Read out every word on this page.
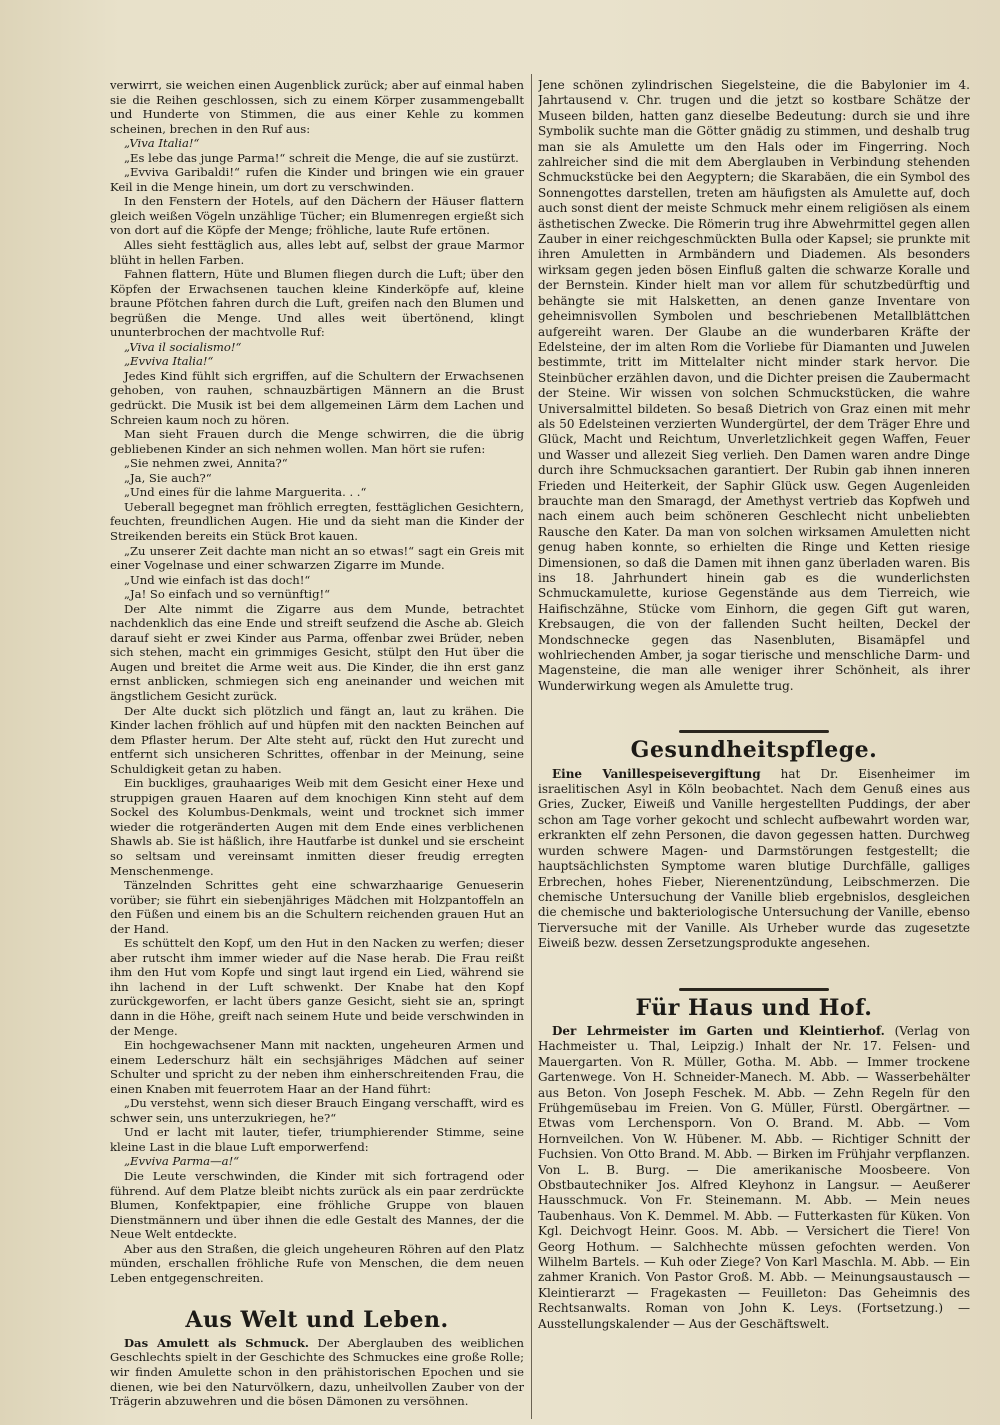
verwirrt, sie weichen einen Augenblick zurück; aber auf einmal haben sie die Reihen geschlossen, sich zu einem Körper zusammengeballt und Hunderte von Stimmen, die aus einer Kehle zu kommen scheinen, brechen in den Ruf aus:

„Viva Italia!“

„Es lebe das junge Parma!“ schreit die Menge, die auf sie zustürzt.

„Evviva Garibaldi!“ rufen die Kinder und bringen wie ein grauer Keil in die Menge hinein, um dort zu verschwinden.

In den Fenstern der Hotels, auf den Dächern der Häuser flattern gleich weißen Vögeln unzählige Tücher; ein Blumenregen ergießt sich von dort auf die Köpfe der Menge; fröhliche, laute Rufe ertönen.

Alles sieht festtäglich aus, alles lebt auf, selbst der graue Marmor blüht in hellen Farben.

Fahnen flattern, Hüte und Blumen fliegen durch die Luft; über den Köpfen der Erwachsenen tauchen kleine Kinderköpfe auf, kleine braune Pfötchen fahren durch die Luft, greifen nach den Blumen und begrüßen die Menge. Und alles weit übertönend, klingt ununterbrochen der machtvolle Ruf:

„Viva il socialismo!“

„Evviva Italia!“

Jedes Kind fühlt sich ergriffen, auf die Schultern der Erwachsenen gehoben, von rauhen, schnauzbärtigen Männern an die Brust gedrückt. Die Musik ist bei dem allgemeinen Lärm dem Lachen und Schreien kaum noch zu hören.

Man sieht Frauen durch die Menge schwirren, die die übrig gebliebenen Kinder an sich nehmen wollen. Man hört sie rufen:

„Sie nehmen zwei, Annita?“

„Ja, Sie auch?“

„Und eines für die lahme Marguerita. . .“

Ueberall begegnet man fröhlich erregten, festtäglichen Gesichtern, feuchten, freundlichen Augen. Hie und da sieht man die Kinder der Streikenden bereits ein Stück Brot kauen.

„Zu unserer Zeit dachte man nicht an so etwas!“ sagt ein Greis mit einer Vogelnase und einer schwarzen Zigarre im Munde.

„Und wie einfach ist das doch!“

„Ja! So einfach und so vernünftig!“

Der Alte nimmt die Zigarre aus dem Munde, betrachtet nachdenklich das eine Ende und streift seufzend die Asche ab. Gleich darauf sieht er zwei Kinder aus Parma, offenbar zwei Brüder, neben sich stehen, macht ein grimmiges Gesicht, stülpt den Hut über die Augen und breitet die Arme weit aus. Die Kinder, die ihn erst ganz ernst anblicken, schmiegen sich eng aneinander und weichen mit ängstlichem Gesicht zurück.

Der Alte duckt sich plötzlich und fängt an, laut zu krähen. Die Kinder lachen fröhlich auf und hüpfen mit den nackten Beinchen auf dem Pflaster herum. Der Alte steht auf, rückt den Hut zurecht und entfernt sich unsicheren Schrittes, offenbar in der Meinung, seine Schuldigkeit getan zu haben.

Ein buckliges, grauhaariges Weib mit dem Gesicht einer Hexe und struppigen grauen Haaren auf dem knochigen Kinn steht auf dem Sockel des Kolumbus-Denkmals, weint und trocknet sich immer wieder die rotgeränderten Augen mit dem Ende eines verblichenen Shawls ab. Sie ist häßlich, ihre Hautfarbe ist dunkel und sie erscheint so seltsam und vereinsamt inmitten dieser freudig erregten Menschenmenge.

Tänzelnden Schrittes geht eine schwarzhaarige Genueserin vorüber; sie führt ein siebenjähriges Mädchen mit Holzpantoffeln an den Füßen und einem bis an die Schultern reichenden grauen Hut an der Hand.

Es schüttelt den Kopf, um den Hut in den Nacken zu werfen; dieser aber rutscht ihm immer wieder auf die Nase herab. Die Frau reißt ihm den Hut vom Kopfe und singt laut irgend ein Lied, während sie ihn lachend in der Luft schwenkt. Der Knabe hat den Kopf zurückgeworfen, er lacht übers ganze Gesicht, sieht sie an, springt dann in die Höhe, greift nach seinem Hute und beide verschwinden in der Menge.

Ein hochgewachsener Mann mit nackten, ungeheuren Armen und einem Lederschurz hält ein sechsjähriges Mädchen auf seiner Schulter und spricht zu der neben ihm einherschreitenden Frau, die einen Knaben mit feuerrotem Haar an der Hand führt:

„Du verstehst, wenn sich dieser Brauch Eingang verschafft, wird es schwer sein, uns unterzukriegen, he?“

Und er lacht mit lauter, tiefer, triumphierender Stimme, seine kleine Last in die blaue Luft emporwerfend:

„Evviva Parma—a!“

Die Leute verschwinden, die Kinder mit sich fortragend oder führend. Auf dem Platze bleibt nichts zurück als ein paar zerdrückte Blumen, Konfektpapier, eine fröhliche Gruppe von blauen Dienstmännern und über ihnen die edle Gestalt des Mannes, der die Neue Welt entdeckte.

Aber aus den Straßen, die gleich ungeheuren Röhren auf den Platz münden, erschallen fröhliche Rufe von Menschen, die dem neuen Leben entgegenschreiten.

Aus Welt und Leben.

Das Amulett als Schmuck. Der Aberglauben des weiblichen Geschlechts spielt in der Geschichte des Schmuckes eine große Rolle; wir finden Amulette schon in den prähistorischen Epochen und sie dienen, wie bei den Naturvölkern, dazu, unheilvollen Zauber von der Trägerin abzuwehren und die bösen Dämonen zu versöhnen.

Jene schönen zylindrischen Siegelsteine, die die Babylonier im 4. Jahrtausend v. Chr. trugen und die jetzt so kostbare Schätze der Museen bilden, hatten ganz dieselbe Bedeutung: durch sie und ihre Symbolik suchte man die Götter gnädig zu stimmen, und deshalb trug man sie als Amulette um den Hals oder im Fingerring. Noch zahlreicher sind die mit dem Aberglauben in Verbindung stehenden Schmuckstücke bei den Aegyptern; die Skarabäen, die ein Symbol des Sonnengottes darstellen, treten am häufigsten als Amulette auf, doch auch sonst dient der meiste Schmuck mehr einem religiösen als einem ästhetischen Zwecke. Die Römerin trug ihre Abwehrmittel gegen allen Zauber in einer reichgeschmückten Bulla oder Kapsel; sie prunkte mit ihren Amuletten in Armbändern und Diademen. Als besonders wirksam gegen jeden bösen Einfluß galten die schwarze Koralle und der Bernstein. Kinder hielt man vor allem für schutzbedürftig und behängte sie mit Halsketten, an denen ganze Inventare von geheimnisvollen Symbolen und beschriebenen Metallblättchen aufgereiht waren. Der Glaube an die wunderbaren Kräfte der Edelsteine, der im alten Rom die Vorliebe für Diamanten und Juwelen bestimmte, tritt im Mittelalter nicht minder stark hervor. Die Steinbücher erzählen davon, und die Dichter preisen die Zaubermacht der Steine. Wir wissen von solchen Schmuckstücken, die wahre Universalmittel bildeten. So besaß Dietrich von Graz einen mit mehr als 50 Edelsteinen verzierten Wundergürtel, der dem Träger Ehre und Glück, Macht und Reichtum, Unverletzlichkeit gegen Waffen, Feuer und Wasser und allezeit Sieg verlieh. Den Damen waren andre Dinge durch ihre Schmucksachen garantiert. Der Rubin gab ihnen inneren Frieden und Heiterkeit, der Saphir Glück usw. Gegen Augenleiden brauchte man den Smaragd, der Amethyst vertrieb das Kopfweh und nach einem auch beim schöneren Geschlecht nicht unbeliebten Rausche den Kater. Da man von solchen wirksamen Amuletten nicht genug haben konnte, so erhielten die Ringe und Ketten riesige Dimensionen, so daß die Damen mit ihnen ganz überladen waren. Bis ins 18. Jahrhundert hinein gab es die wunderlichsten Schmuckamulette, kuriose Gegenstände aus dem Tierreich, wie Haifischzähne, Stücke vom Einhorn, die gegen Gift gut waren, Krebsaugen, die von der fallenden Sucht heilten, Deckel der Mondschnecke gegen das Nasenbluten, Bisamäpfel und wohlriechenden Amber, ja sogar tierische und menschliche Darm- und Magensteine, die man alle weniger ihrer Schönheit, als ihrer Wunderwirkung wegen als Amulette trug.

Gesundheitspflege.

Eine Vanillespeisevergiftung hat Dr. Eisenheimer im israelitischen Asyl in Köln beobachtet. Nach dem Genuß eines aus Gries, Zucker, Eiweiß und Vanille hergestellten Puddings, der aber schon am Tage vorher gekocht und schlecht aufbewahrt worden war, erkrankten elf zehn Personen, die davon gegessen hatten. Durchweg wurden schwere Magen- und Darmstörungen festgestellt; die hauptsächlichsten Symptome waren blutige Durchfälle, galliges Erbrechen, hohes Fieber, Nierenentzündung, Leibschmerzen. Die chemische Untersuchung der Vanille blieb ergebnislos, desgleichen die chemische und bakteriologische Untersuchung der Vanille, ebenso Tierversuche mit der Vanille. Als Urheber wurde das zugesetzte Eiweiß bezw. dessen Zersetzungsprodukte angesehen.

Für Haus und Hof.

Der Lehrmeister im Garten und Kleintierhof. (Verlag von Hachmeister u. Thal, Leipzig.) Inhalt der Nr. 17. Felsen- und Mauergarten. Von R. Müller, Gotha. M. Abb. — Immer trockene Gartenwege. Von H. Schneider-Manech. M. Abb. — Wasserbehälter aus Beton. Von Joseph Feschek. M. Abb. — Zehn Regeln für den Frühgemüsebau im Freien. Von G. Müller, Fürstl. Obergärtner. — Etwas vom Lerchensporn. Von O. Brand. M. Abb. — Vom Hornveilchen. Von W. Hübener. M. Abb. — Richtiger Schnitt der Fuchsien. Von Otto Brand. M. Abb. — Birken im Frühjahr verpflanzen. Von L. B. Burg. — Die amerikanische Moosbeere. Von Obstbautechniker Jos. Alfred Kleyhonz in Langsur. — Aeußerer Hausschmuck. Von Fr. Steinemann. M. Abb. — Mein neues Taubenhaus. Von K. Demmel. M. Abb. — Futterkasten für Küken. Von Kgl. Deichvogt Heinr. Goos. M. Abb. — Versichert die Tiere! Von Georg Hothum. — Salchhechte müssen gefochten werden. Von Wilhelm Bartels. — Kuh oder Ziege? Von Karl Maschla. M. Abb. — Ein zahmer Kranich. Von Pastor Groß. M. Abb. — Meinungsaustausch — Kleintierarzt — Fragekasten — Feuilleton: Das Geheimnis des Rechtsanwalts. Roman von John K. Leys. (Fortsetzung.) — Ausstellungskalender — Aus der Geschäftswelt.
